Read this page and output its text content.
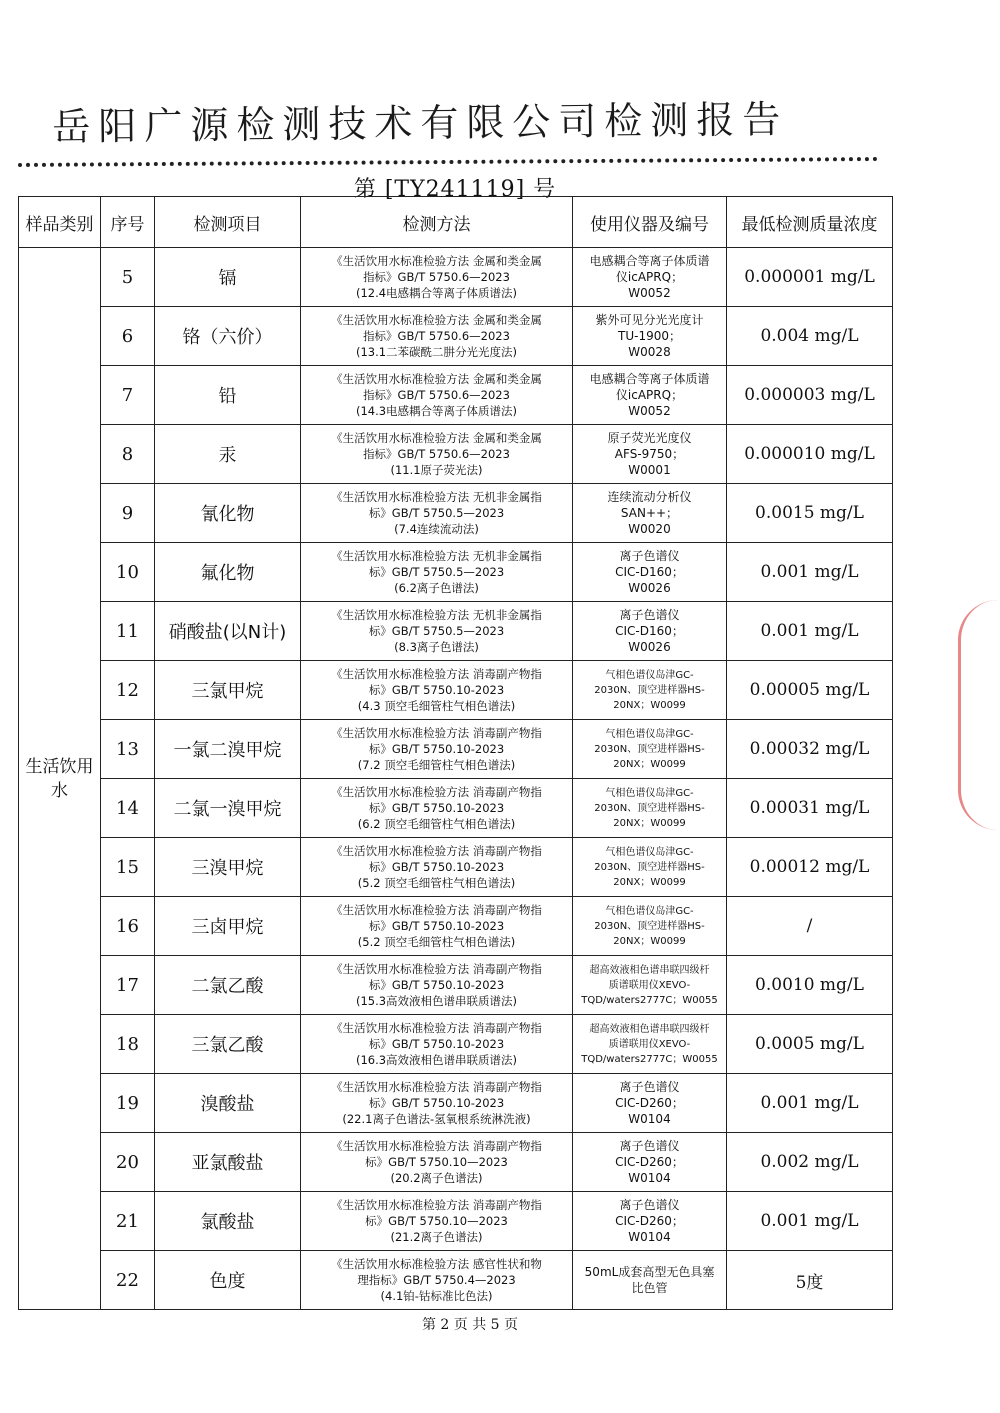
岳阳广源检测技术有限公司检测报告
第 [TY241119] 号
样品类别	序号	检测项目	检测方法	使用仪器及编号	最低检测质量浓度
生活饮用水	5	镉	《生活饮用水标准检验方法 金属和类金属
指标》GB/T 5750.6—2023
(12.4电感耦合等离子体质谱法)	电感耦合等离子体质谱
仪icAPRQ；
W0052	0.000001 mg/L
	6	铬（六价）	《生活饮用水标准检验方法 金属和类金属
指标》GB/T 5750.6—2023
(13.1二苯碳酰二肼分光光度法)	紫外可见分光光度计
TU-1900；
W0028	0.004 mg/L
	7	铅	《生活饮用水标准检验方法 金属和类金属
指标》GB/T 5750.6—2023
(14.3电感耦合等离子体质谱法)	电感耦合等离子体质谱
仪icAPRQ；
W0052	0.000003 mg/L
	8	汞	《生活饮用水标准检验方法 金属和类金属
指标》GB/T 5750.6—2023
(11.1原子荧光法)	原子荧光光度仪
AFS-9750；
W0001	0.000010 mg/L
	9	氰化物	《生活饮用水标准检验方法 无机非金属指
标》GB/T 5750.5—2023
(7.4连续流动法)	连续流动分析仪
SAN++；
W0020	0.0015 mg/L
	10	氟化物	《生活饮用水标准检验方法 无机非金属指
标》GB/T 5750.5—2023
(6.2离子色谱法)	离子色谱仪
CIC-D160；
W0026	0.001 mg/L
	11	硝酸盐(以N计)	《生活饮用水标准检验方法 无机非金属指
标》GB/T 5750.5—2023
(8.3离子色谱法)	离子色谱仪
CIC-D160；
W0026	0.001 mg/L
	12	三氯甲烷	《生活饮用水标准检验方法 消毒副产物指
标》GB/T 5750.10-2023
(4.3 顶空毛细管柱气相色谱法)	气相色谱仪岛津GC-
2030N、顶空进样器HS-
20NX；W0099	0.00005 mg/L
	13	一氯二溴甲烷	《生活饮用水标准检验方法 消毒副产物指
标》GB/T 5750.10-2023
(7.2 顶空毛细管柱气相色谱法)	气相色谱仪岛津GC-
2030N、顶空进样器HS-
20NX；W0099	0.00032 mg/L
	14	二氯一溴甲烷	《生活饮用水标准检验方法 消毒副产物指
标》GB/T 5750.10-2023
(6.2 顶空毛细管柱气相色谱法)	气相色谱仪岛津GC-
2030N、顶空进样器HS-
20NX；W0099	0.00031 mg/L
	15	三溴甲烷	《生活饮用水标准检验方法 消毒副产物指
标》GB/T 5750.10-2023
(5.2 顶空毛细管柱气相色谱法)	气相色谱仪岛津GC-
2030N、顶空进样器HS-
20NX；W0099	0.00012 mg/L
	16	三卤甲烷	《生活饮用水标准检验方法 消毒副产物指
标》GB/T 5750.10-2023
(5.2 顶空毛细管柱气相色谱法)	气相色谱仪岛津GC-
2030N、顶空进样器HS-
20NX；W0099	/
	17	二氯乙酸	《生活饮用水标准检验方法 消毒副产物指
标》GB/T 5750.10-2023
(15.3高效液相色谱串联质谱法)	超高效液相色谱串联四级杆
质谱联用仪XEVO-
TQD/waters2777C；W0055	0.0010 mg/L
	18	三氯乙酸	《生活饮用水标准检验方法 消毒副产物指
标》GB/T 5750.10-2023
(16.3高效液相色谱串联质谱法)	超高效液相色谱串联四级杆
质谱联用仪XEVO-
TQD/waters2777C；W0055	0.0005 mg/L
	19	溴酸盐	《生活饮用水标准检验方法 消毒副产物指
标》GB/T 5750.10-2023
(22.1离子色谱法-氢氧根系统淋洗液)	离子色谱仪
CIC-D260；
W0104	0.001 mg/L
	20	亚氯酸盐	《生活饮用水标准检验方法 消毒副产物指
标》GB/T 5750.10—2023
(20.2离子色谱法)	离子色谱仪
CIC-D260；
W0104	0.002 mg/L
	21	氯酸盐	《生活饮用水标准检验方法 消毒副产物指
标》GB/T 5750.10—2023
(21.2离子色谱法)	离子色谱仪
CIC-D260；
W0104	0.001 mg/L
	22	色度	《生活饮用水标准检验方法 感官性状和物
理指标》GB/T 5750.4—2023
(4.1铂-钴标准比色法)	50mL成套高型无色具塞
比色管	5度
第 2 页 共 5 页
